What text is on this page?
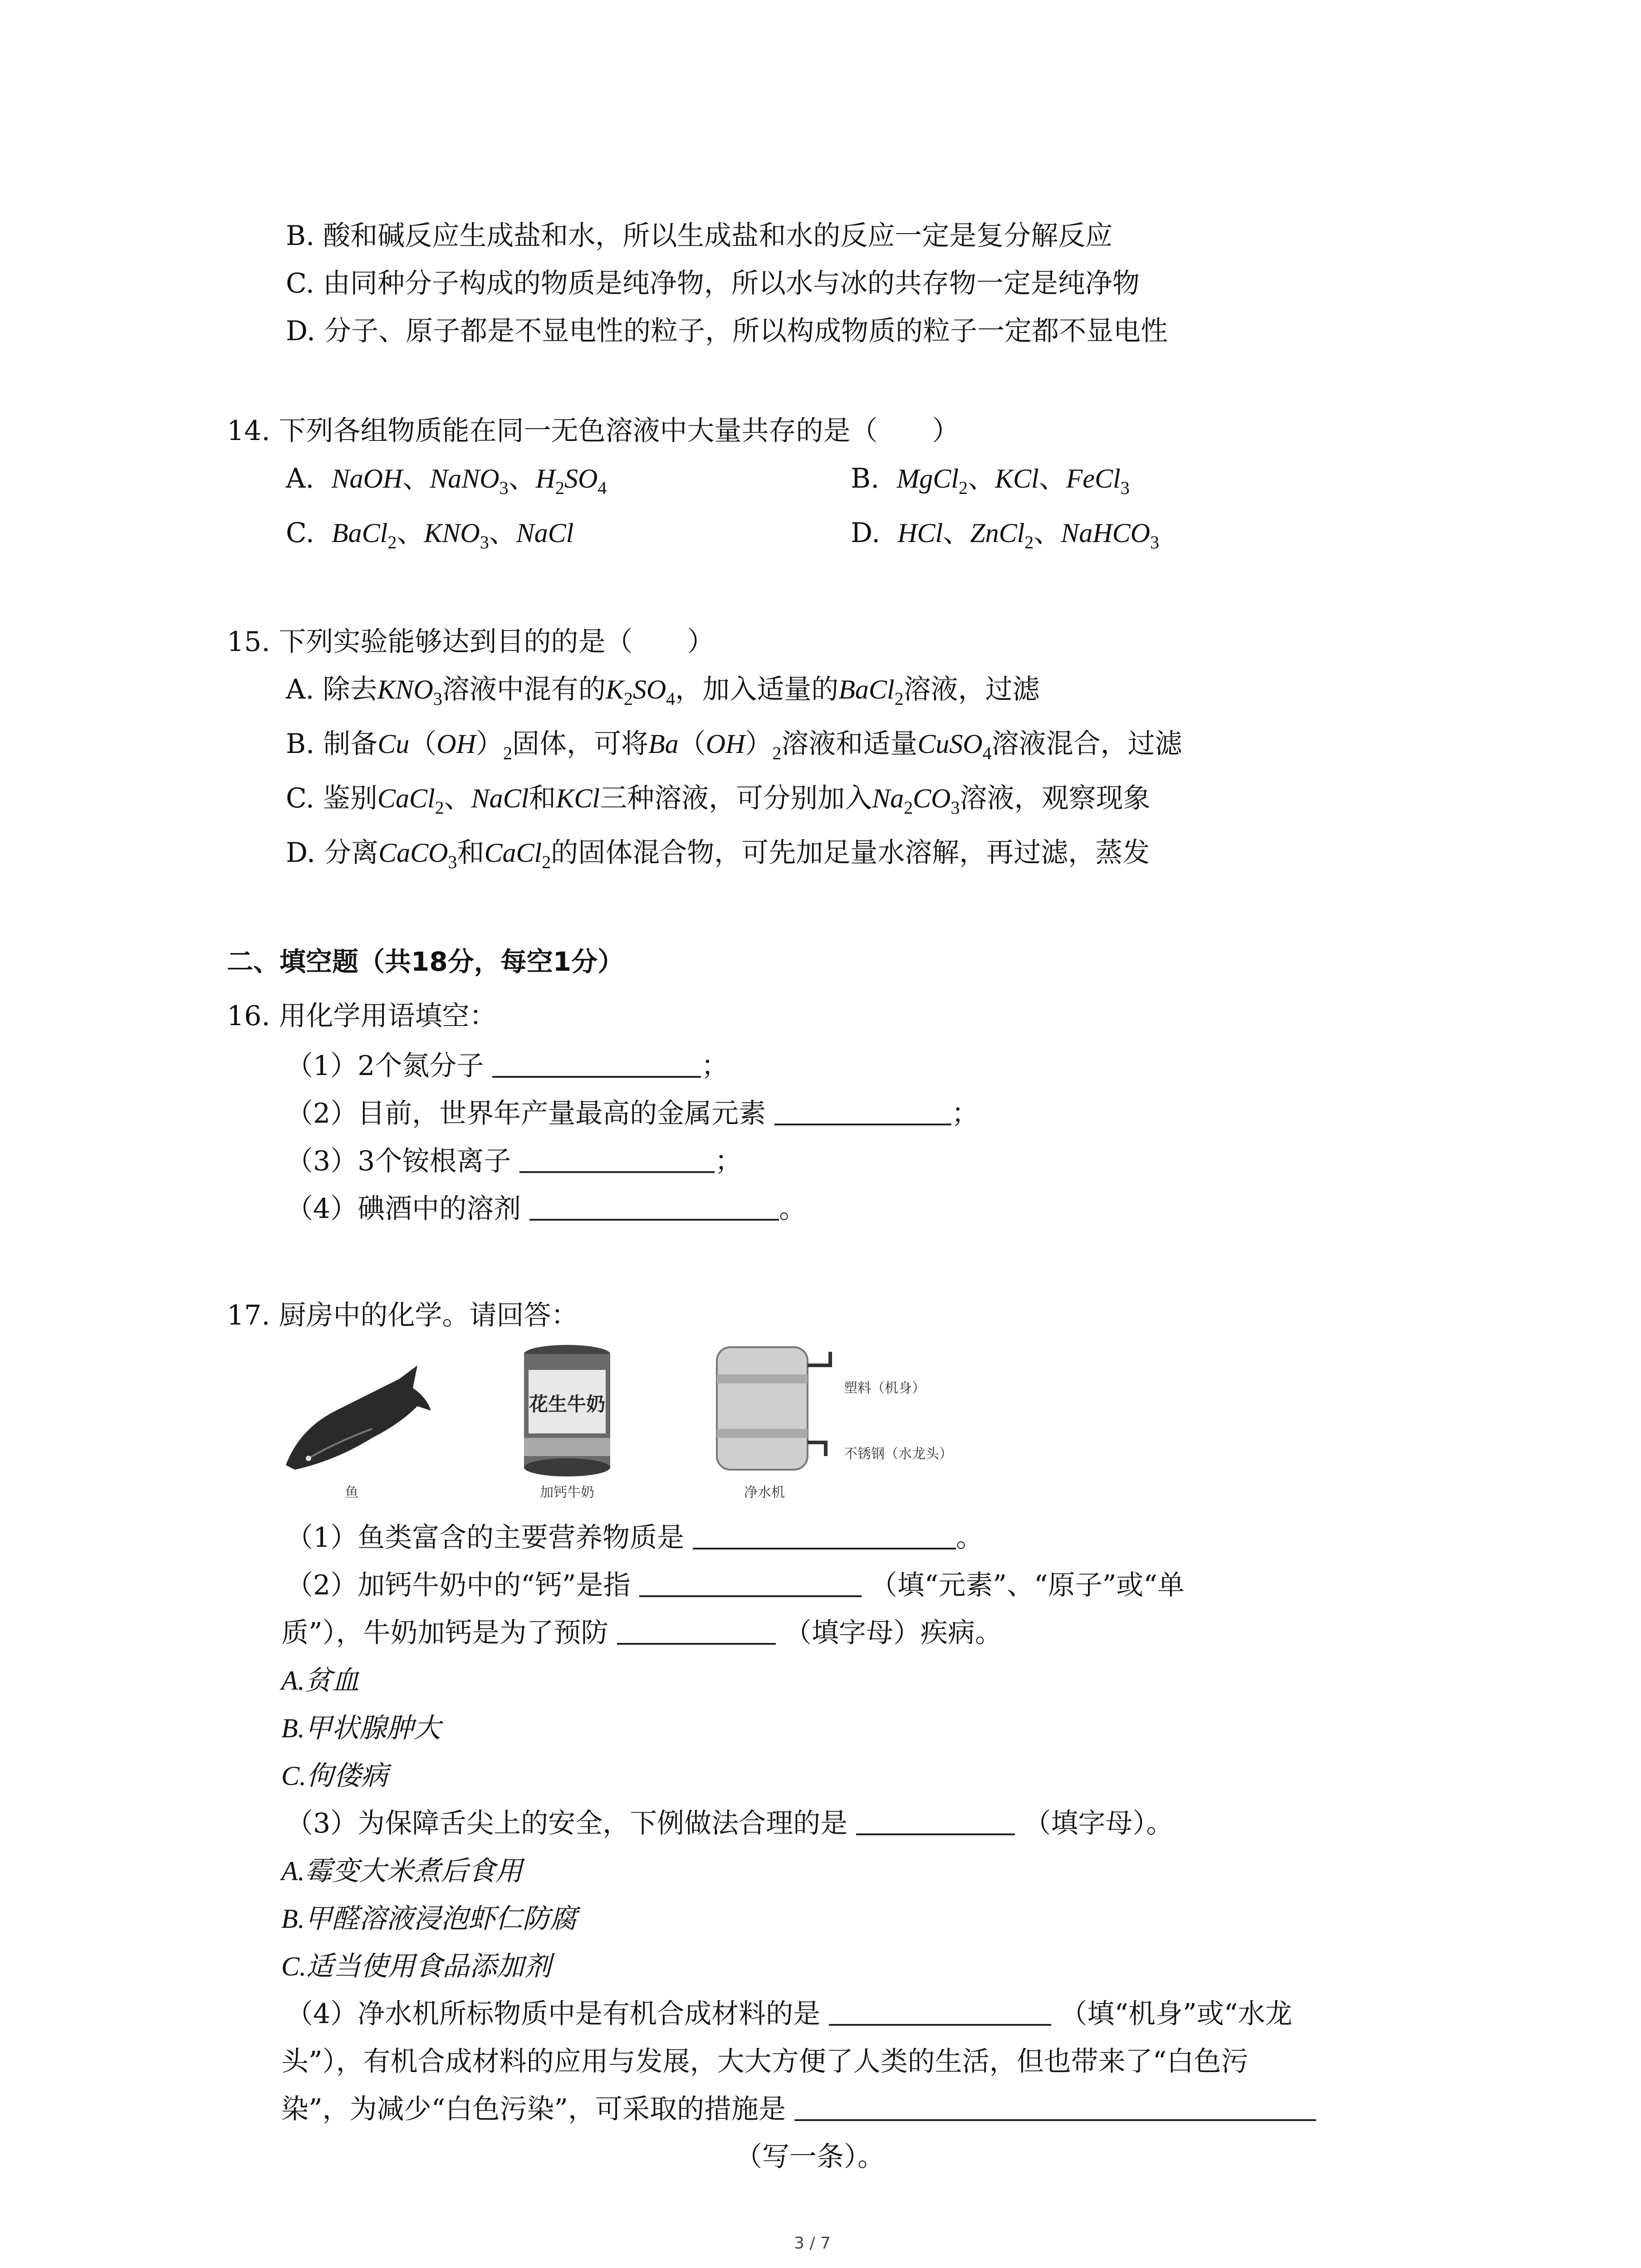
B. 酸和碱反应生成盐和水，所以生成盐和水的反应一定是复分解反应
C. 由同种分子构成的物质是纯净物，所以水与冰的共存物一定是纯净物
D. 分子、原子都是不显电性的粒子，所以构成物质的粒子一定都不显电性
14. 下列各组物质能在同一无色溶液中大量共存的是（　　）
A. NaOH、NaNO$_3$、$H_2SO_4$	B. MgCl$_2$、KCl、FeCl$_3$
C. BaCl$_2$、$KNO_3$、NaCl	D. HCl、ZnCl$_2$、NaHCO$_3$
15. 下列实验能够达到目的的是（　　）
A. 除去$KNO_3$溶液中混有的$K_2SO_4$，加入适量的BaCl$_2$溶液，过滤
B. 制备$Cu(OH)_2$固体，可将$Ba(OH)_2$溶液和适量CuSO$_4$溶液混合，过滤
C. 鉴别CaCl$_2$、NaCl和KCl三种溶液，可分别加入$Na_2CO_3$溶液，观察现象
D. 分离CaCO$_3$和CaCl$_2$的固体混合物，可先加足量水溶解，再过滤，蒸发
二、填空题（共18分，每空1分）
16. 用化学用语填空：
（1）2个氮分子	；
（2）目前，世界年产量最高的金属元素	；
（3）3个铵根离子	；
（4）碘酒中的溶剂	。
17. 厨房中的化学。请回答：
鱼
花生牛奶
加钙牛奶
塑料（机身）
不锈钢（水龙头）
净水机
（1）鱼类富含的主要营养物质是	。
（2）加钙牛奶中的“钙”是指	（填“元素”、“原子”或“单
质”），牛奶加钙是为了预防	（填字母）疾病。
A.贫血
B.甲状腺肿大
C.佝偻病
（3）为保障舌尖上的安全，下例做法合理的是	（填字母）。
A.霉变大米煮后食用
B.甲醛溶液浸泡虾仁防腐
C.适当使用食品添加剂
（4）净水机所标物质中是有机合成材料的是	（填“机身”或“水龙
头”），有机合成材料的应用与发展，大大方便了人类的生活，但也带来了“白色污
染”，为减少“白色污染”，可采取的措施是
（写一条）。
3 / 7
